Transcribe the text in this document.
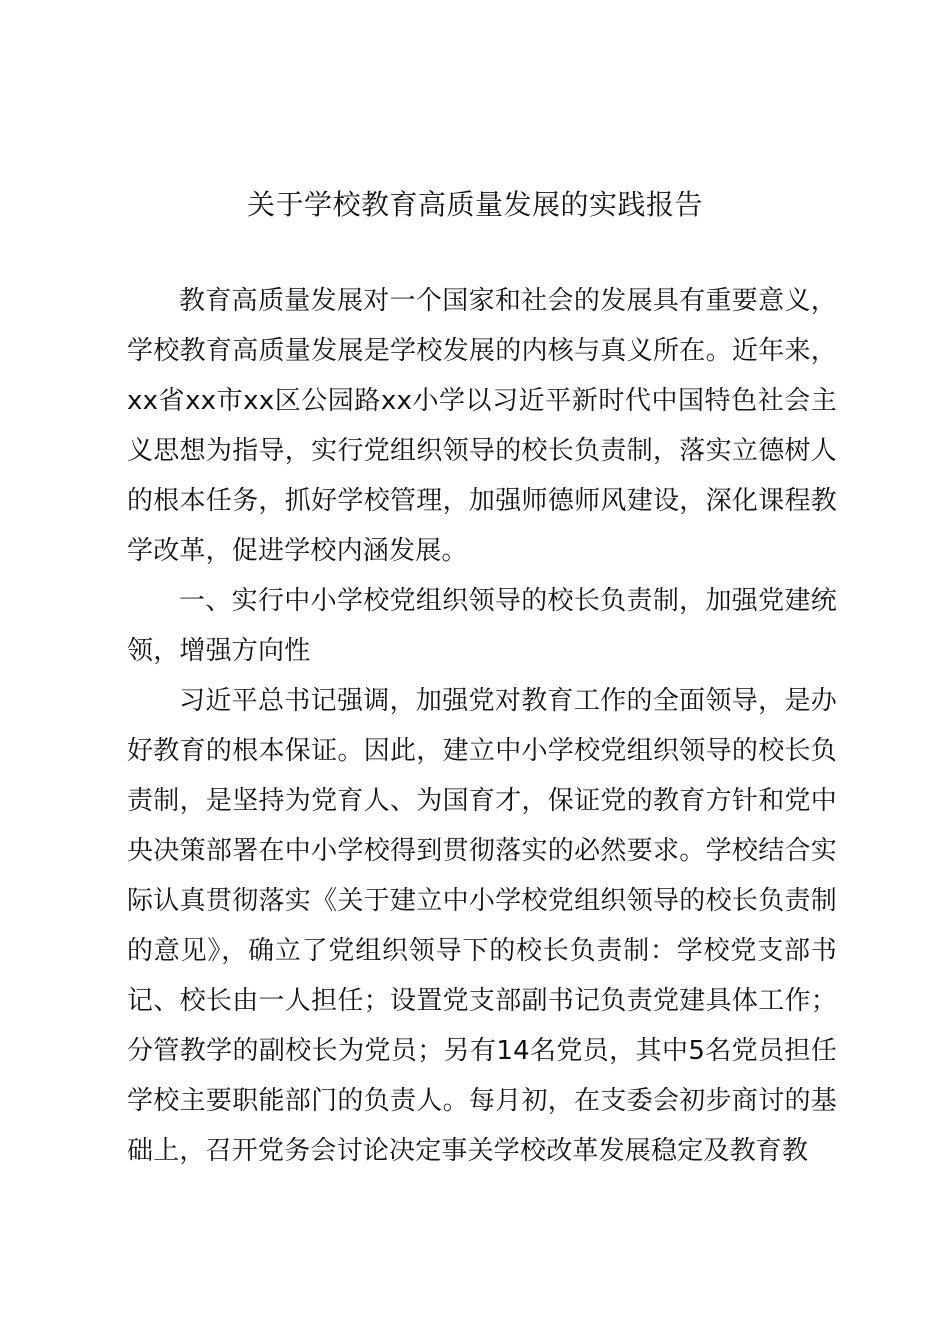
关于学校教育高质量发展的实践报告

教育高质量发展对一个国家和社会的发展具有重要意义，学校教育高质量发展是学校发展的内核与真义所在。近年来，xx省xx市xx区公园路xx小学以习近平新时代中国特色社会主义思想为指导，实行党组织领导的校长负责制，落实立德树人的根本任务，抓好学校管理，加强师德师风建设，深化课程教学改革，促进学校内涵发展。

一、实行中小学校党组织领导的校长负责制，加强党建统领，增强方向性

习近平总书记强调，加强党对教育工作的全面领导，是办好教育的根本保证。因此，建立中小学校党组织领导的校长负责制，是坚持为党育人、为国育才，保证党的教育方针和党中央决策部署在中小学校得到贯彻落实的必然要求。学校结合实际认真贯彻落实《关于建立中小学校党组织领导的校长负责制的意见》，确立了党组织领导下的校长负责制：学校党支部书记、校长由一人担任；设置党支部副书记负责党建具体工作；分管教学的副校长为党员；另有14名党员，其中5名党员担任学校主要职能部门的负责人。每月初，在支委会初步商讨的基础上，召开党务会讨论决定事关学校改革发展稳定及教育教
